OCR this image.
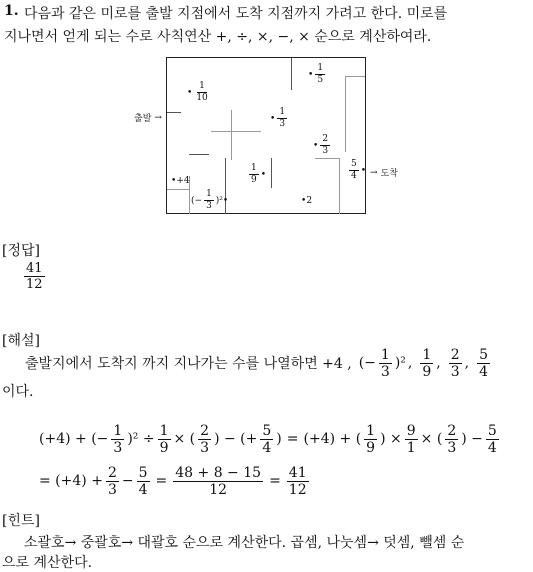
1. 다음과 같은 미로를 출발 지점에서 도착 지점까지 가려고 한다. 미로를
지나면서 얻게 되는 수로 사칙연산 +, ÷, ×, −, × 순으로 계산하여라.
출발 →
• $\frac{1}{10}$
• $\frac{1}{5}$
• $\frac{1}{3}$
• $\frac{2}{3}$
$\frac{1}{9}$ •
• +4
(− $\frac{1}{3} )^2$ •	• 2
$\frac{5}{4}$ • → 도착
[정답]
$\frac{41}{12}$
[해설]
출발지에서 도착지 까지 지나가는 수를 나열하면 +4 , (− $\frac{1}{3} )^2$ , $\frac{1}{9}$ , $\frac{2}{3}$ , $\frac{5}{4}$
이다.
(+4) + (− $\frac{1}{3} )^2 \div \frac{1}{9}$ × ( $\frac{2}{3}$ ) − (+ $\frac{5}{4}$ ) = (+4) + ( $\frac{1}{9}$ ) × $\frac{9}{1}$ × ( $\frac{2}{3}$ ) − $\frac{5}{4}$
= $(+4) + \frac{2}{3} - \frac{5}{4} = \frac{48 + 8 - 15}{12} = \frac{41}{12}$
[힌트]
소괄호→ 중괄호→ 대괄호 순으로 계산한다. 곱셈, 나눗셈→ 덧셈, 뺄셈 순
으로 계산한다.
